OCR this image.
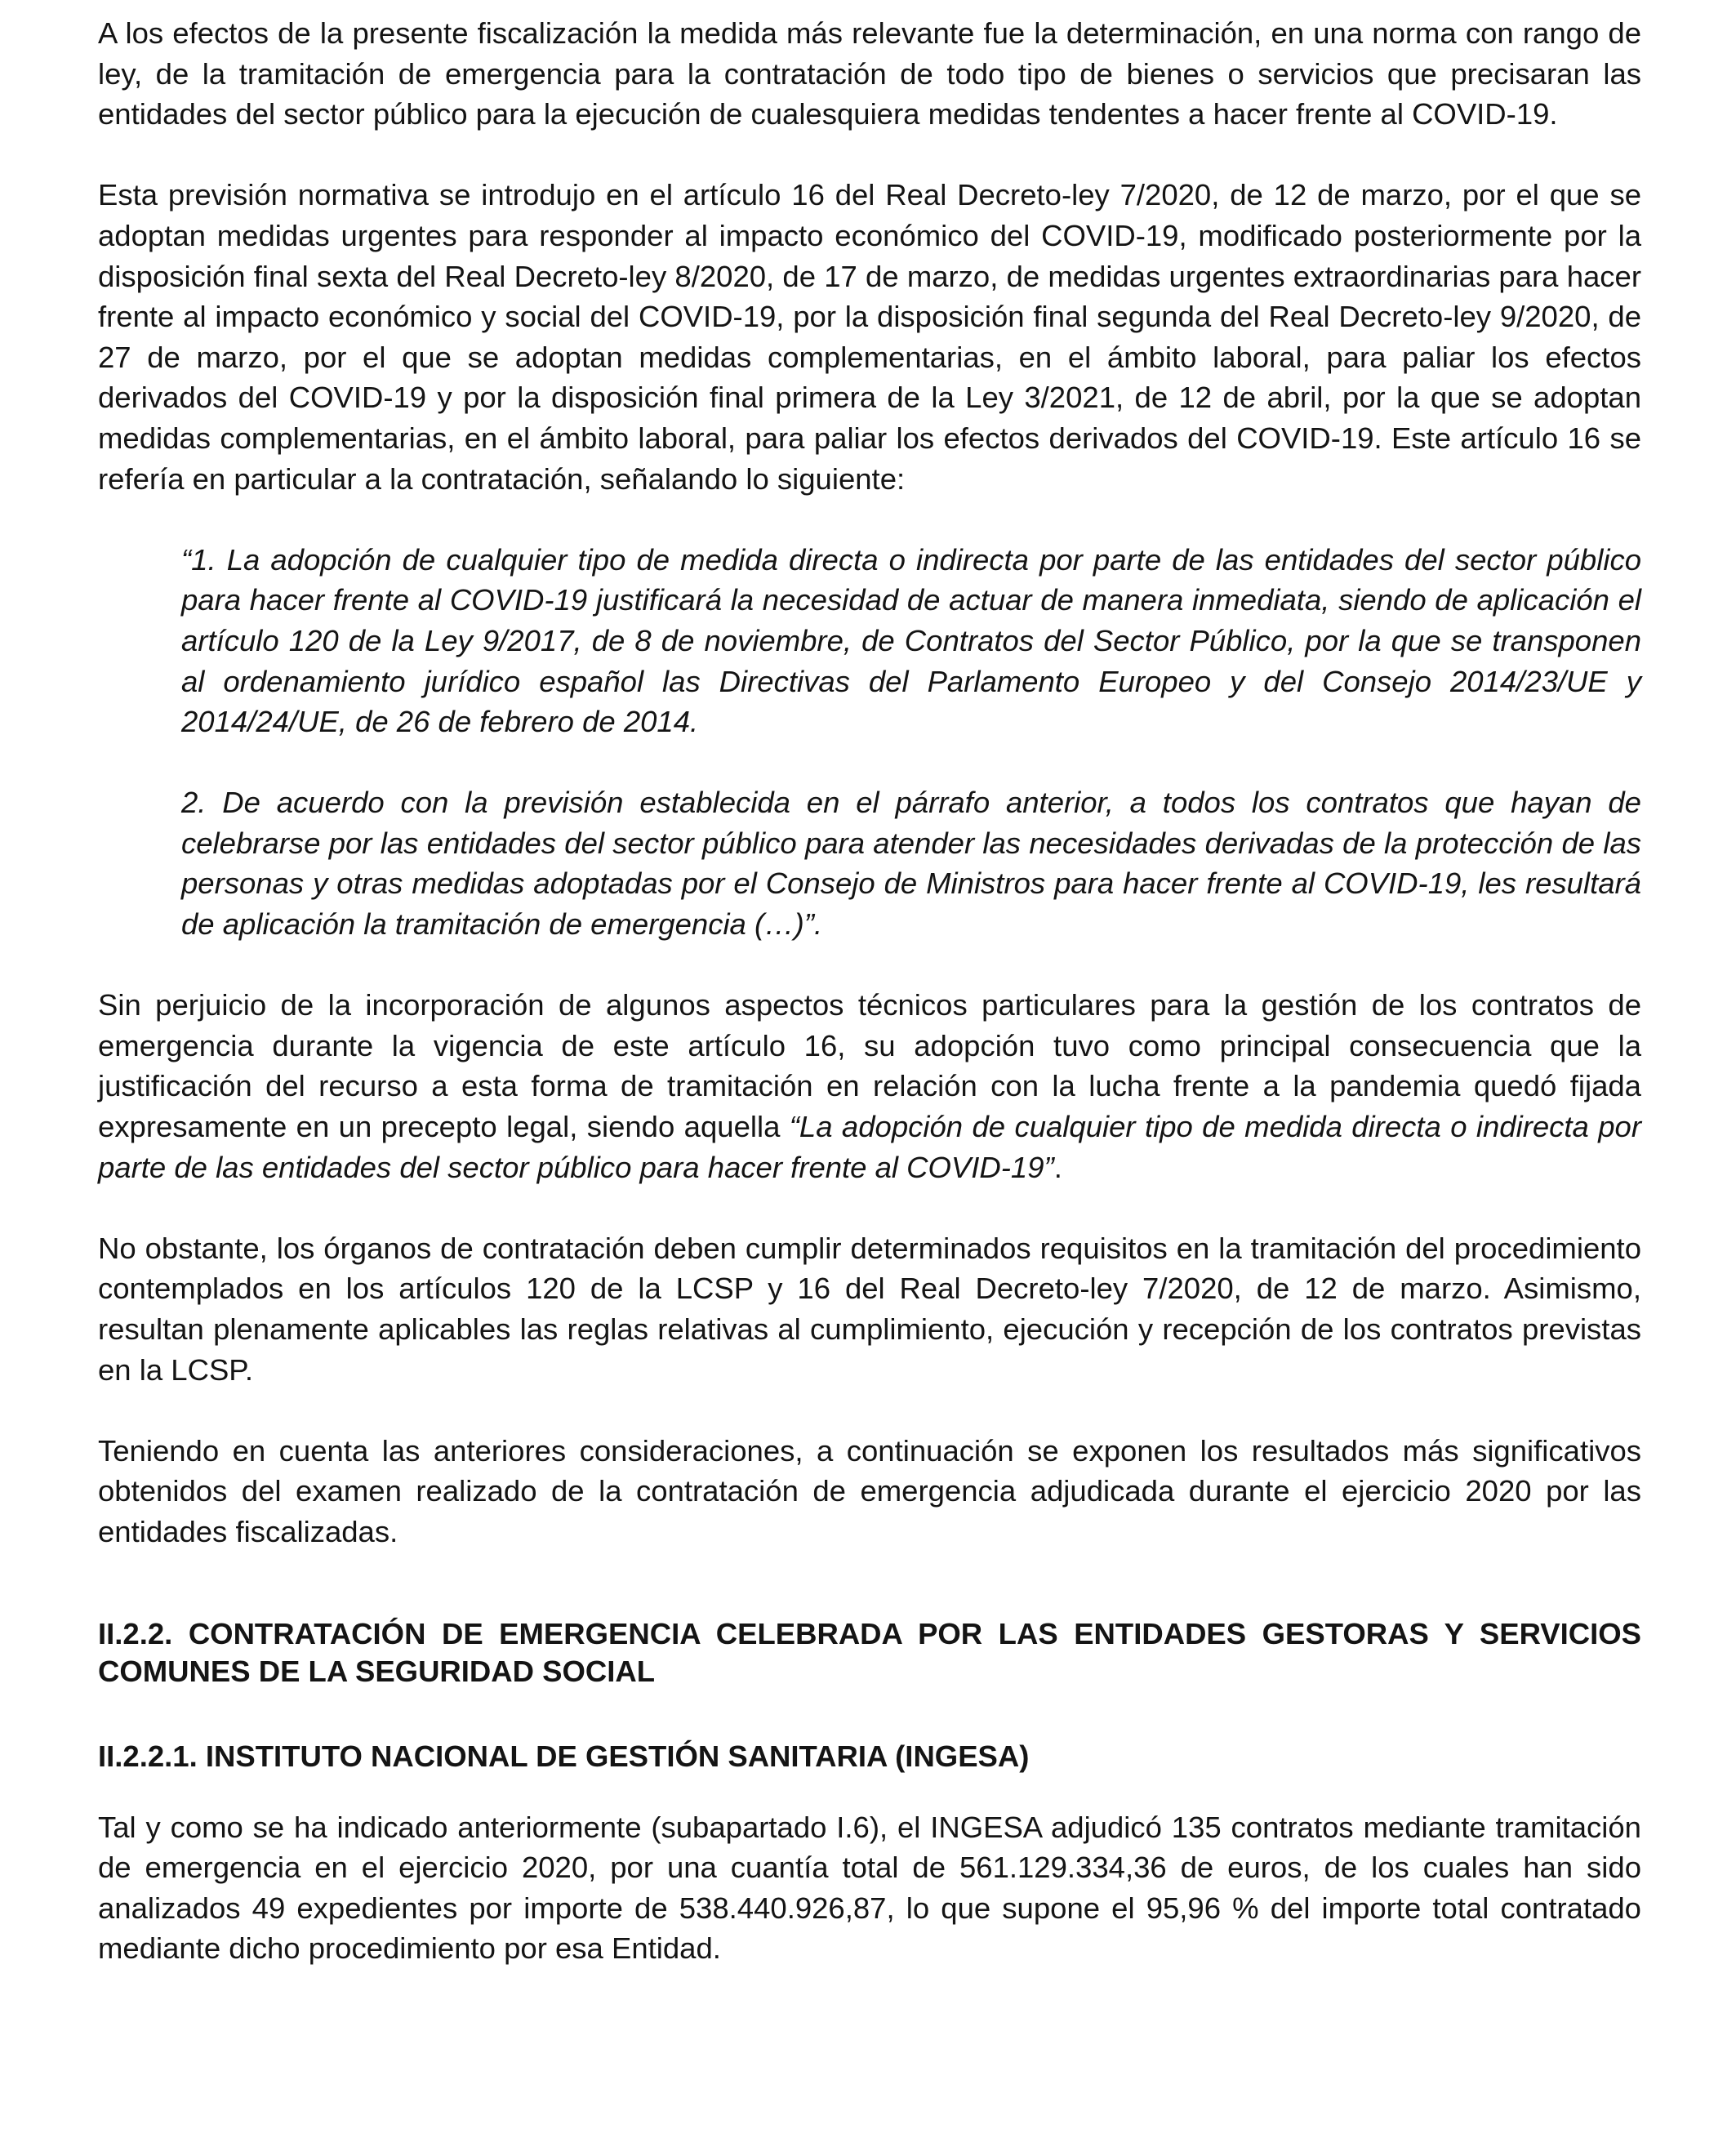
A los efectos de la presente fiscalización la medida más relevante fue la determinación, en una norma con rango de ley, de la tramitación de emergencia para la contratación de todo tipo de bienes o servicios que precisaran las entidades del sector público para la ejecución de cualesquiera medidas tendentes a hacer frente al COVID-19.

Esta previsión normativa se introdujo en el artículo 16 del Real Decreto-ley 7/2020, de 12 de marzo, por el que se adoptan medidas urgentes para responder al impacto económico del COVID-19, modificado posteriormente por la disposición final sexta del Real Decreto-ley 8/2020, de 17 de marzo, de medidas urgentes extraordinarias para hacer frente al impacto económico y social del COVID-19, por la disposición final segunda del Real Decreto-ley 9/2020, de 27 de marzo, por el que se adoptan medidas complementarias, en el ámbito laboral, para paliar los efectos derivados del COVID-19 y por la disposición final primera de la Ley 3/2021, de 12 de abril, por la que se adoptan medidas complementarias, en el ámbito laboral, para paliar los efectos derivados del COVID-19. Este artículo 16 se refería en particular a la contratación, señalando lo siguiente:

“1. La adopción de cualquier tipo de medida directa o indirecta por parte de las entidades del sector público para hacer frente al COVID-19 justificará la necesidad de actuar de manera inmediata, siendo de aplicación el artículo 120 de la Ley 9/2017, de 8 de noviembre, de Contratos del Sector Público, por la que se transponen al ordenamiento jurídico español las Directivas del Parlamento Europeo y del Consejo 2014/23/UE y 2014/24/UE, de 26 de febrero de 2014.

2. De acuerdo con la previsión establecida en el párrafo anterior, a todos los contratos que hayan de celebrarse por las entidades del sector público para atender las necesidades derivadas de la protección de las personas y otras medidas adoptadas por el Consejo de Ministros para hacer frente al COVID-19, les resultará de aplicación la tramitación de emergencia (…)”.

Sin perjuicio de la incorporación de algunos aspectos técnicos particulares para la gestión de los contratos de emergencia durante la vigencia de este artículo 16, su adopción tuvo como principal consecuencia que la justificación del recurso a esta forma de tramitación en relación con la lucha frente a la pandemia quedó fijada expresamente en un precepto legal, siendo aquella “La adopción de cualquier tipo de medida directa o indirecta por parte de las entidades del sector público para hacer frente al COVID-19”.

No obstante, los órganos de contratación deben cumplir determinados requisitos en la tramitación del procedimiento contemplados en los artículos 120 de la LCSP y 16 del Real Decreto-ley 7/2020, de 12 de marzo. Asimismo, resultan plenamente aplicables las reglas relativas al cumplimiento, ejecución y recepción de los contratos previstas en la LCSP.

Teniendo en cuenta las anteriores consideraciones, a continuación se exponen los resultados más significativos obtenidos del examen realizado de la contratación de emergencia adjudicada durante el ejercicio 2020 por las entidades fiscalizadas.

II.2.2. CONTRATACIÓN DE EMERGENCIA CELEBRADA POR LAS ENTIDADES GESTORAS Y SERVICIOS COMUNES DE LA SEGURIDAD SOCIAL
II.2.2.1. INSTITUTO NACIONAL DE GESTIÓN SANITARIA (INGESA)

Tal y como se ha indicado anteriormente (subapartado I.6), el INGESA adjudicó 135 contratos mediante tramitación de emergencia en el ejercicio 2020, por una cuantía total de 561.129.334,36 de euros, de los cuales han sido analizados 49 expedientes por importe de 538.440.926,87, lo que supone el 95,96 % del importe total contratado mediante dicho procedimiento por esa Entidad.
